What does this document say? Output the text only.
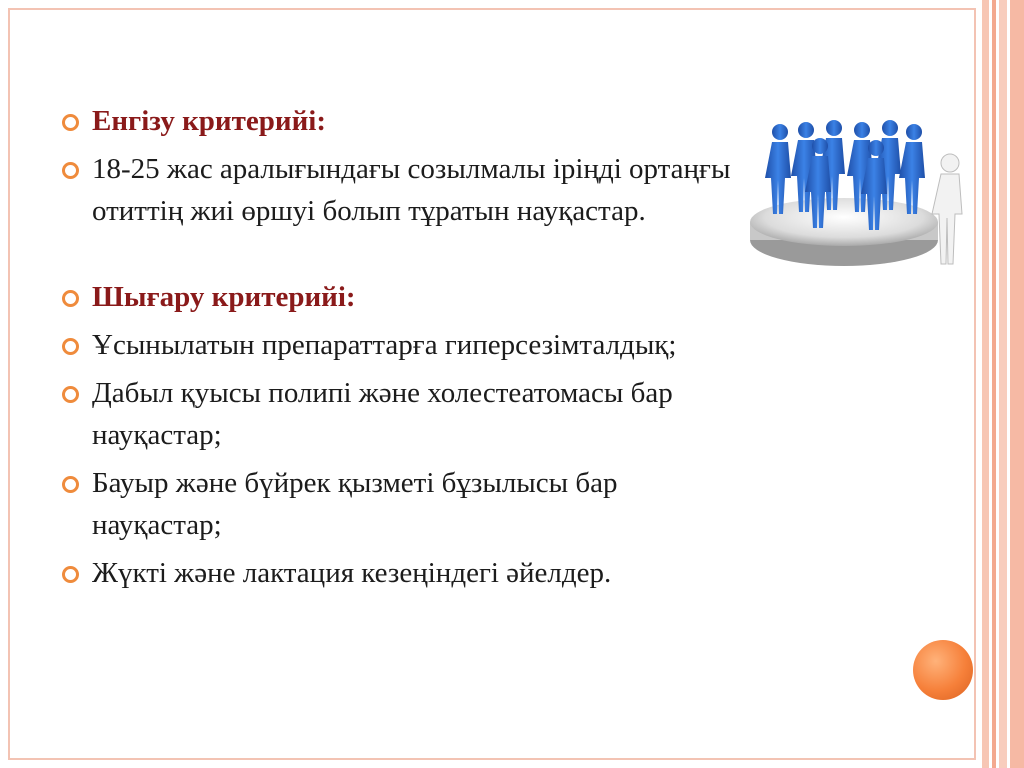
Енгізу критерийі:
18-25 жас аралығындағы созылмалы іріңді ортаңғы отиттің жиі өршуі болып тұратын науқастар.
Шығару критерийі:
Ұсынылатын препараттарға гиперсезімталдық;
Дабыл қуысы полипі және холестеатомасы бар науқастар;
Бауыр және бүйрек қызметі бұзылысы бар науқастар;
Жүкті және лактация кезеңіндегі әйелдер.
